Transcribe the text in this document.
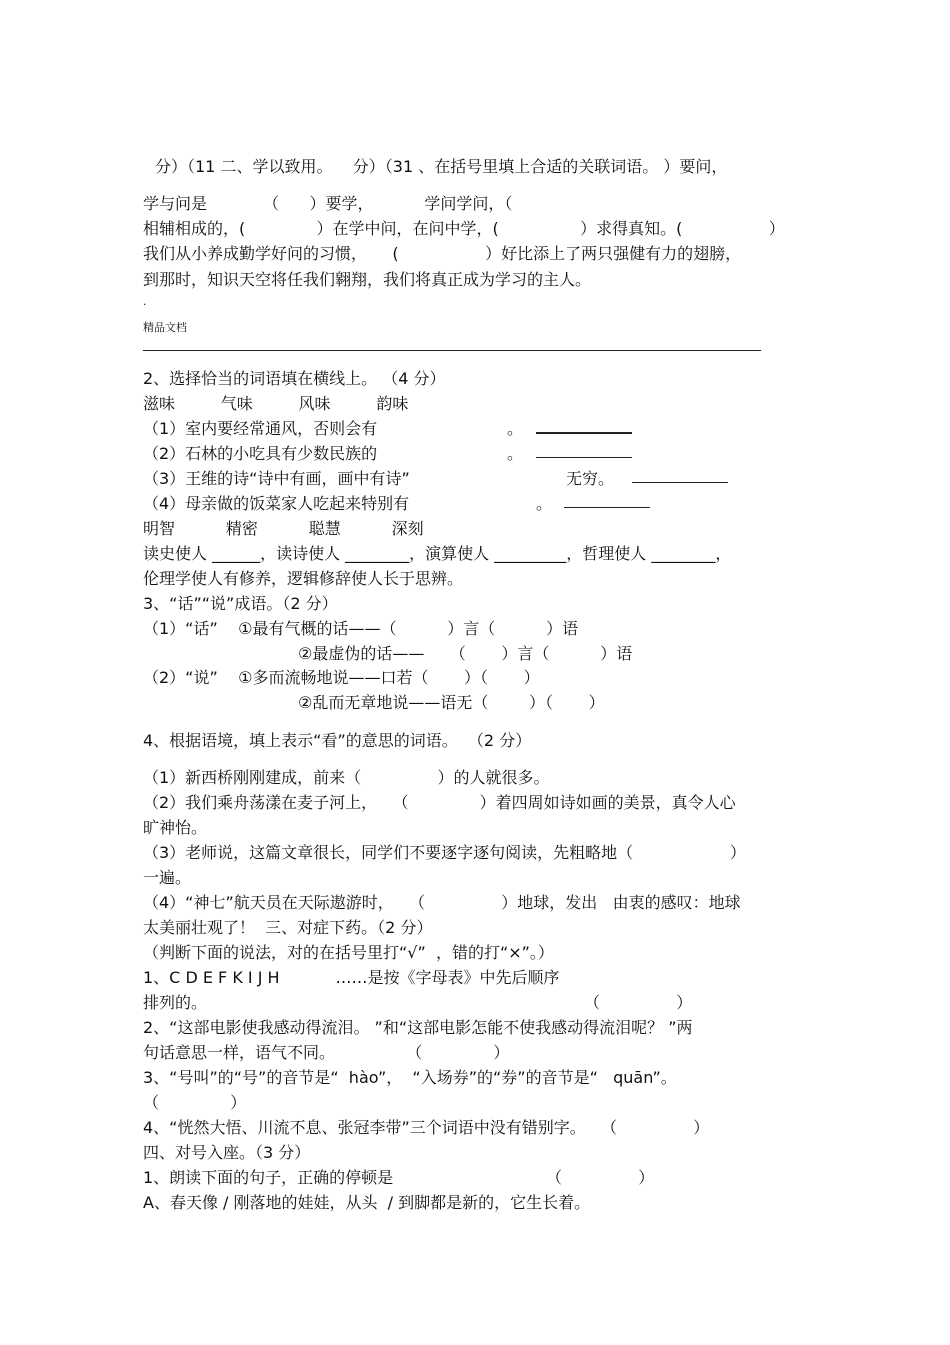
分）（11 二、学以致用。    分）（31 、在括号里填上合适的关联词语。 ）要问，
学与问是           （      ）要学，          学问学问，（
相辅相成的，(              ）在学中问，在问中学，(                ）求得真知。(                 ）
我们从小养成勤学好问的习惯，     (                 ）好比添上了两只强健有力的翅膀，
到那时，知识天空将任我们翱翔，我们将真正成为学习的主人。
.
精品文档
2、选择恰当的词语填在横线上。 （4 分）
滋味         气味         风味         韵味
（1）室内要经常通风，否则会有	。
（2）石林的小吃具有少数民族的	。
（3）王维的诗“诗中有画，画中有诗”	无穷。
（4）母亲做的饭菜家人吃起来特别有	。
明智          精密          聪慧          深刻
读史使人 ______，读诗使人 ________，演算使人 _________，哲理使人 ________，
伦理学使人有修养，逻辑修辞使人长于思辨。
3、“话”“说”成语。（2 分）
（1）“话”    ①最有气概的话——（          ）言（          ）语
②最虚伪的话——     （       ）言（          ）语
（2）“说”    ①多而流畅地说——口若（       ）（       ）
②乱而无章地说——语无（        ）（       ）
4、根据语境，填上表示“看”的意思的词语。  （2 分）
（1）新西桥刚刚建成，前来（               ）的人就很多。
（2）我们乘舟荡漾在麦子河上，   （              ）着四周如诗如画的美景，真令人心
旷神怡。
（3）老师说，这篇文章很长，同学们不要逐字逐句阅读，先粗略地（                   ）
一遍。
（4）“神七”航天员在天际遨游时，   （               ）地球，发出   由衷的感叹：地球
太美丽壮观了！  三、对症下药。（2 分）
（判断下面的说法，对的在括号里打“√”  ，错的打“×”。）
1、C D E F K I J H           ……是按《字母表》中先后顺序
排列的。	（               ）
2、“这部电影使我感动得流泪。 ”和“这部电影怎能不使我感动得流泪呢？ ”两
句话意思一样，语气不同。              （              ）
3、“号叫”的“号”的音节是“  hào”，  “入场券”的“券”的音节是“   quān”。
（              ）
4、“恍然大悟、川流不息、张冠李带”三个词语中没有错别字。   （               ）
四、对号入座。（3 分）
1、朗读下面的句子，正确的停顿是	（               ）
A、春天像 / 刚落地的娃娃，从头  / 到脚都是新的，它生长着。
